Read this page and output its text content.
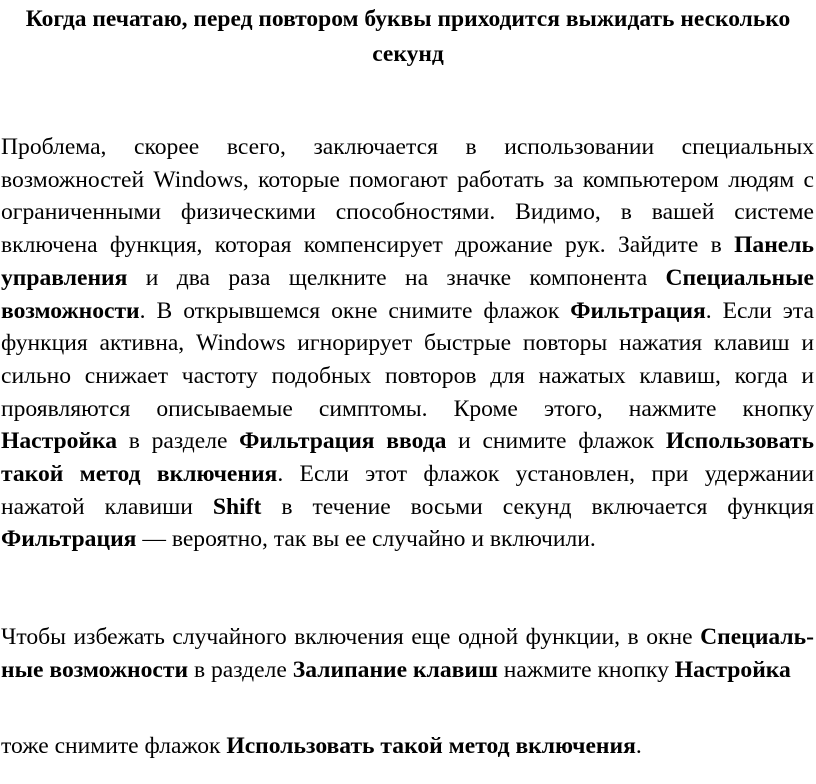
Когда печатаю, перед повтором буквы приходится выжидать несколько секунд

Проблема, скорее всего, заключается в использовании специальных возможностей Windows, которые помогают работать за компьютером людям с ограниченными физическими способностями. Видимо, в вашей системе включена функция, которая компенсирует дрожание рук. Зайдите в Панель управления и два раза щелкните на значке компонента Специальные возможности. В открывшемся окне снимите флажок Фильтрация. Если эта функция активна, Windows игнорирует быстрые повторы нажатия клавиш и сильно снижает частоту подобных повторов для нажатых клавиш, когда и проявляются описываемые симптомы. Кроме этого, нажмите кнопку Настройка в разделе Фильтрация ввода и снимите флажок Использовать такой метод включения. Если этот флажок установлен, при удержании нажатой клавиши Shift в течение восьми секунд включается функция Фильтрация — вероятно, так вы ее случайно и включили.

Чтобы избежать случайного включения еще одной функции, в окне Специаль-ные возможности в разделе Залипание клавиш нажмите кнопку Настройка

тоже снимите флажок Использовать такой метод включения.
